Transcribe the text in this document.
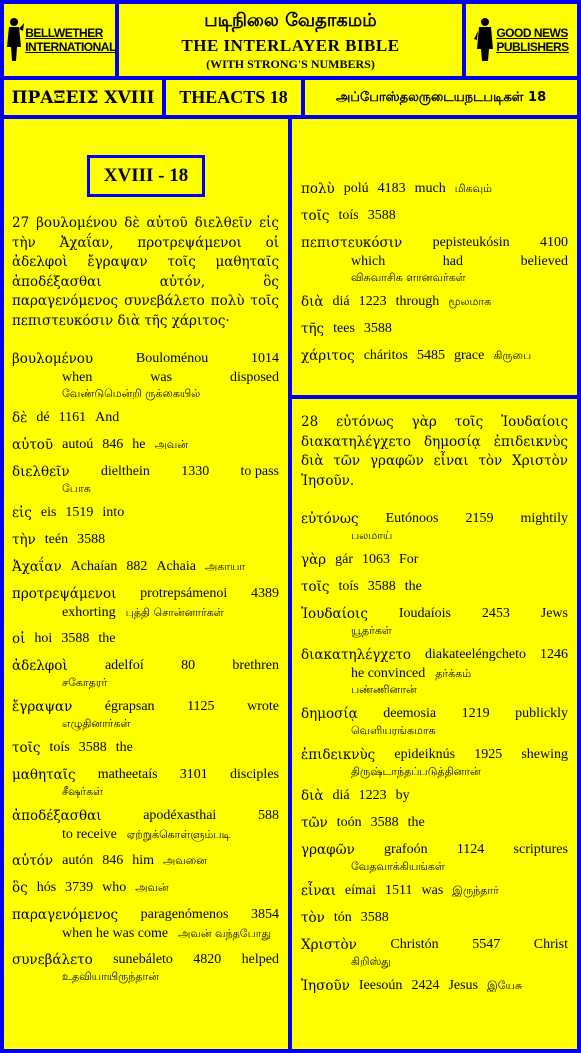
BELLWETHER
INTERNATIONAL
படிநிலை வேதாகமம்
THE INTERLAYER BIBLE
(WITH STRONG'S NUMBERS)
GOOD NEWS
PUBLISHERS
ΠΡΑΞΕΙΣ XVIII	THEACTS 18	அப்போஸ்தலருடையநடபடிகள் 18
XVIII - 18
27 βουλομένου δὲ αὐτοῦ διελθεῖν εἰς τὴν Ἀχαΐαν, προτρεψάμενοι οἱ ἀδελφοὶ ἔγραψαν τοῖς μαθηταῖς ἀποδέξασθαι αὐτόν, ὃς παραγενόμενος συνεβάλετο πολὺ τοῖς πεπιστευκόσιν διὰ τῆς χάριτος·
βουλομένου	Bouloménou	1014
when	was	disposed
வேண்டுமென்றி ருக்கையில்
δὲ dé 1161 And
αὐτοῦ autoú 846 he அவன்
διελθεῖν dielthein 1330 to pass
போக
εἰς eis 1519 into
τὴν teén 3588
Ἀχαΐαν Achaían 882 Achaia அகாயா
προτρεψάμενοι protrepsámenoi 4389
exhorting புத்தி சொன்னார்கள்
οἱ hoi 3588 the
ἀδελφοὶ	adelfoí	80	brethren
சகோதரர்
ἔγραψαν égrapsan 1125 wrote
எழுதினார்கள்
τοῖς toís 3588 the
μαθηταῖς matheetaís 3101 disciples
சீஷர்கள்
ἀποδέξασθαι	apodéxasthai	588
to receive ஏற்றுக்கொள்ளும்படி
αὐτόν autón 846 him அவனை
ὃς hós 3739 who அவன்
παραγενόμενος paragenómenos 3854
when he was come அவன் வந்தபோது
συνεβάλετο sunebáleto 4820 helped
உதவியாயிருந்தான்
πολὺ polú 4183 much மிகவும்
τοῖς toís 3588
πεπιστευκόσιν pepisteukósin 4100
which	had	believed
விசுவாசிக ளானவர்கள்
διὰ diá 1223 through மூலமாக
τῆς tees 3588
χάριτος cháritos 5485 grace கிருபை
28 εὐτόνως γὰρ τοῖς Ἰουδαίοις διακατηλέγχετο δημοσίᾳ ἐπιδεικνὺς διὰ τῶν γραφῶν εἶναι τὸν Χριστὸν Ἰησοῦν.
εὐτόνως Eutónoos 2159 mightily
பலமாய்
γὰρ gár 1063 For
τοῖς toís 3588 the
Ἰουδαίοις Ioudaíois 2453 Jews
யூதர்கள்
διακατηλέγχετο diakateeléngcheto 1246
he convinced தர்க்கம்
பண்ணினான்
δημοσίᾳ deemosia 1219 publickly
வெளியரங்கமாக
ἐπιδεικνὺς epideiknús 1925 shewing
திருஷ்டாந்தப்படுத்தினான்
διὰ diá 1223 by
τῶν toón 3588 the
γραφῶν grafoón 1124 scriptures
வேதவாக்கியங்கள்
εἶναι eímai 1511 was இருந்தார்
τὸν tón 3588
Χριστὸν Christón 5547 Christ
கிறிஸ்து
Ἰησοῦν Ieesoún 2424 Jesus இயேசு
